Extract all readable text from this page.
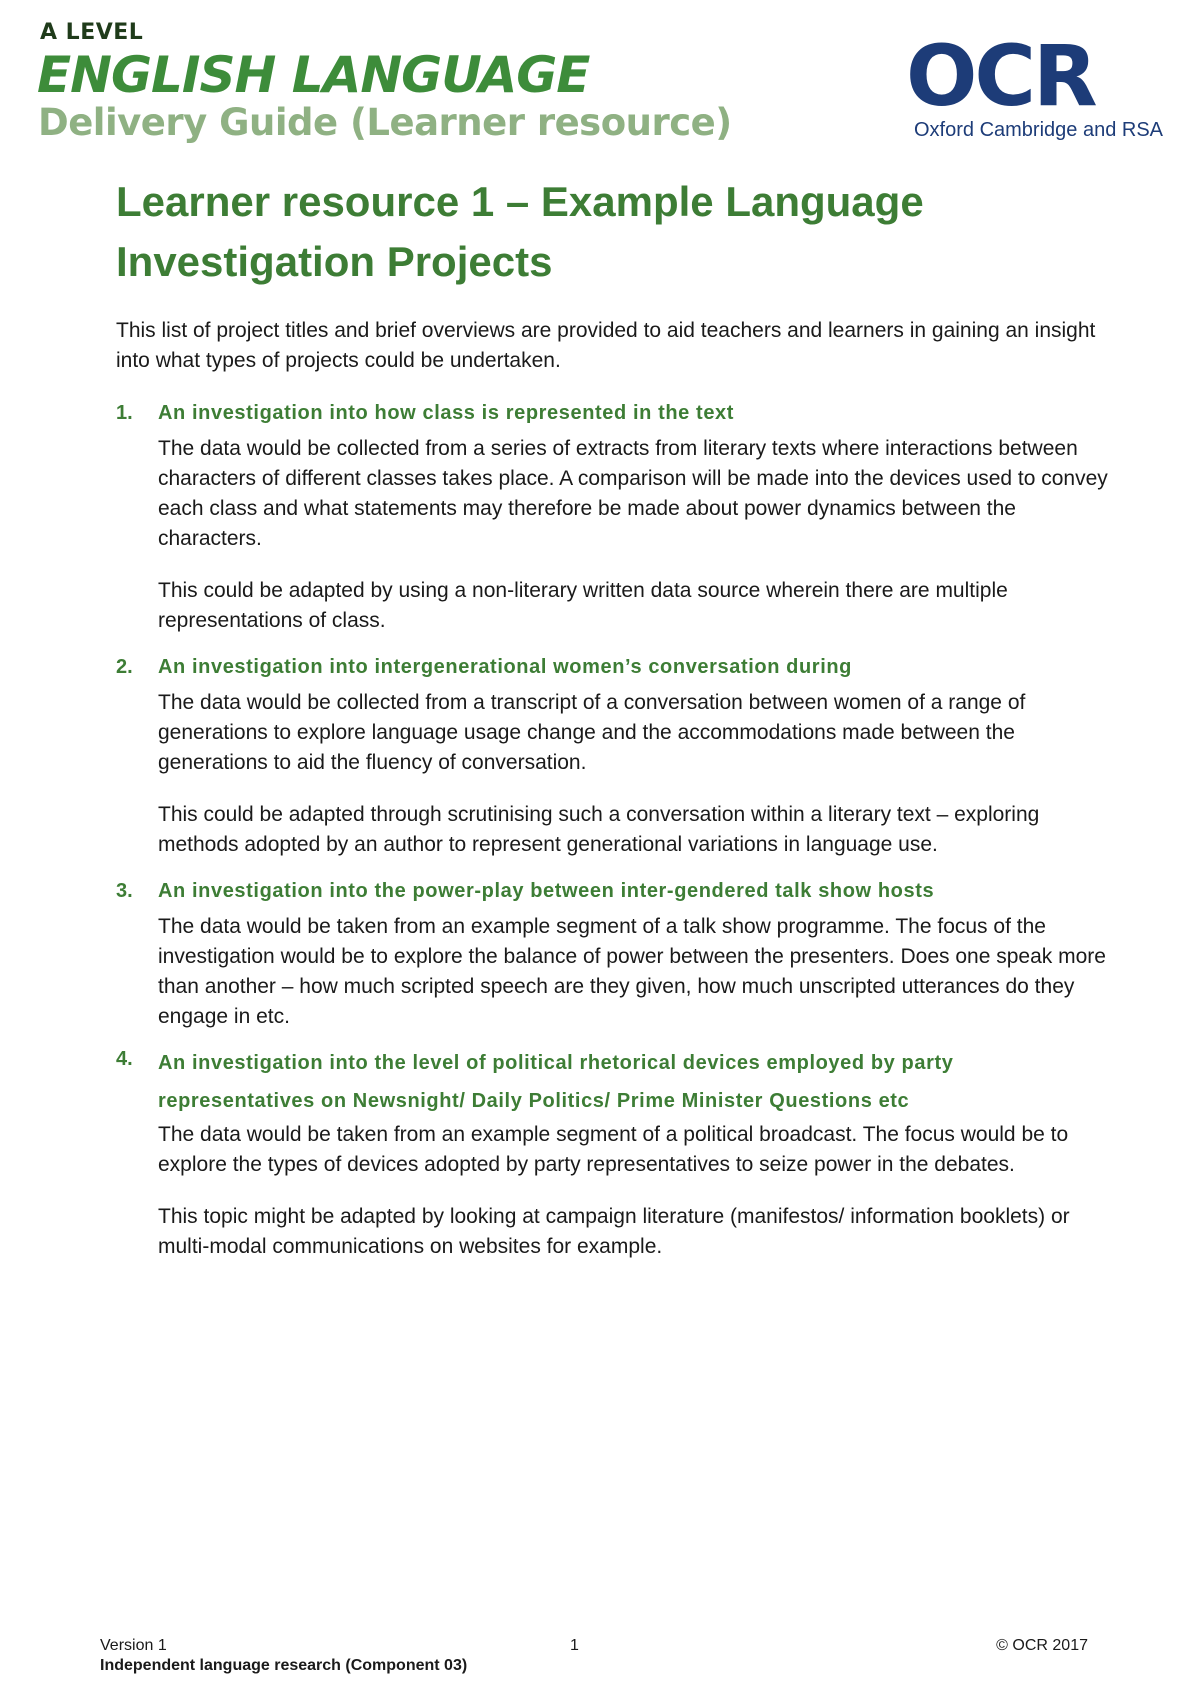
A LEVEL
ENGLISH LANGUAGE
Delivery Guide (Learner resource) OCR
Oxford Cambridge and RSA
Learner resource 1 – Example Language Investigation Projects
This list of project titles and brief overviews are provided to aid teachers and learners in gaining an insight into what types of projects could be undertaken.
1. An investigation into how class is represented in the text

The data would be collected from a series of extracts from literary texts where interactions between characters of different classes takes place. A comparison will be made into the devices used to convey each class and what statements may therefore be made about power dynamics between the characters.

This could be adapted by using a non-literary written data source wherein there are multiple representations of class.

2. An investigation into intergenerational women’s conversation during

The data would be collected from a transcript of a conversation between women of a range of generations to explore language usage change and the accommodations made between the generations to aid the fluency of conversation.

This could be adapted through scrutinising such a conversation within a literary text – exploring methods adopted by an author to represent generational variations in language use.

3. An investigation into the power-play between inter-gendered talk show hosts

The data would be taken from an example segment of a talk show programme. The focus of the investigation would be to explore the balance of power between the presenters. Does one speak more than another – how much scripted speech are they given, how much unscripted utterances do they engage in etc.

4. An investigation into the level of political rhetorical devices employed by party representatives on Newsnight/ Daily Politics/ Prime Minister Questions etc

The data would be taken from an example segment of a political broadcast. The focus would be to explore the types of devices adopted by party representatives to seize power in the debates.

This topic might be adapted by looking at campaign literature (manifestos/ information booklets) or multi-modal communications on websites for example.

Version 1	1	© OCR 2017
Independent language research (Component 03)
